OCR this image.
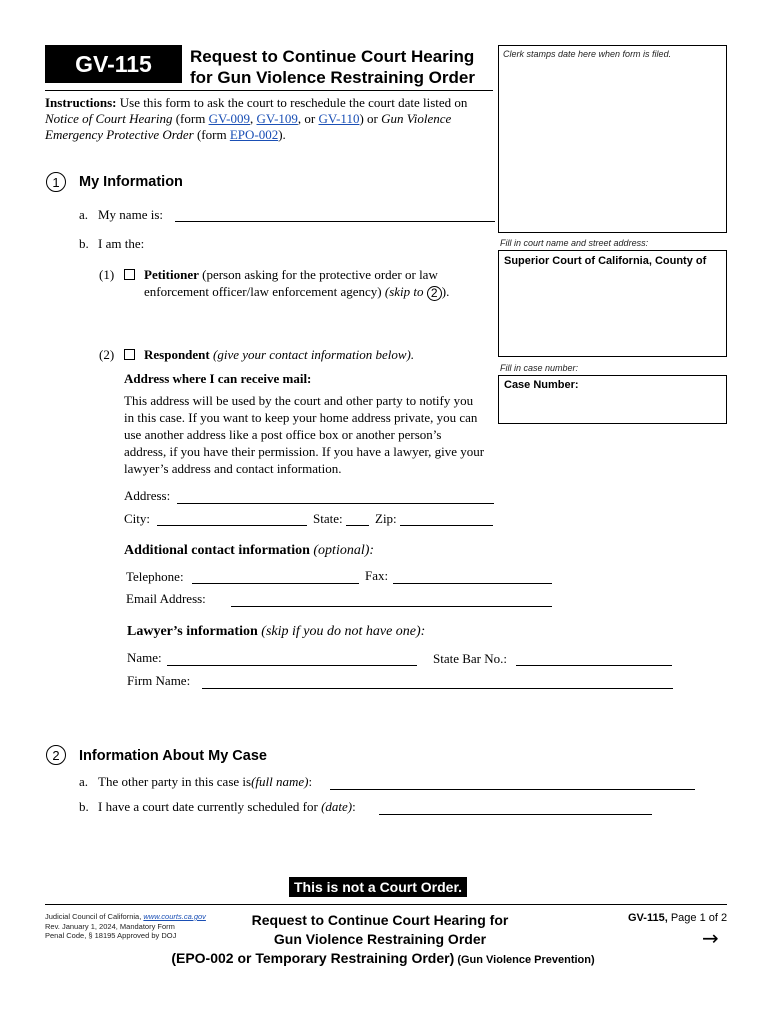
GV-115 Request to Continue Court Hearing
for Gun Violence Restraining Order
Instructions: Use this form to ask the court to reschedule the court date listed on Notice of Court Hearing (form GV-009, GV-109, or GV-110) or Gun Violence Emergency Protective Order (form EPO-002).
Clerk stamps date here when form is filed.
Fill in court name and street address:
Superior Court of California, County of
Fill in case number:
Case Number:
1	My Information
a. My name is:
b. I am the:
(1) Petitioner (person asking for the protective order or law
enforcement officer/law enforcement agency) (skip to 2 ).
(2) Respondent (give your contact information below).
Address where I can receive mail:
This address will be used by the court and other party to notify you in this case. If you want to keep your home address private, you can use another address like a post office box or another person’s address, if you have their permission. If you have a lawyer, give your lawyer’s address and contact information.
Address:
City:	State: Zip:
Additional contact information (optional):
Telephone:	Fax:
Email Address:
Lawyer’s information (skip if you do not have one):
Name:	State Bar No.:
Firm Name:
2	Information About My Case
a. The other party in this case is(full name):
b. I have a court date currently scheduled for (date):
This is not a Court Order.
Judicial Council of California, www.courts.ca.gov
Rev. January 1, 2024, Mandatory Form
Penal Code, § 18195 Approved by DOJ
Request to Continue Court Hearing for
Gun Violence Restraining Order
(EPO-002 or Temporary Restraining Order) (Gun Violence Prevention)
GV-115, Page 1 of 2
→
